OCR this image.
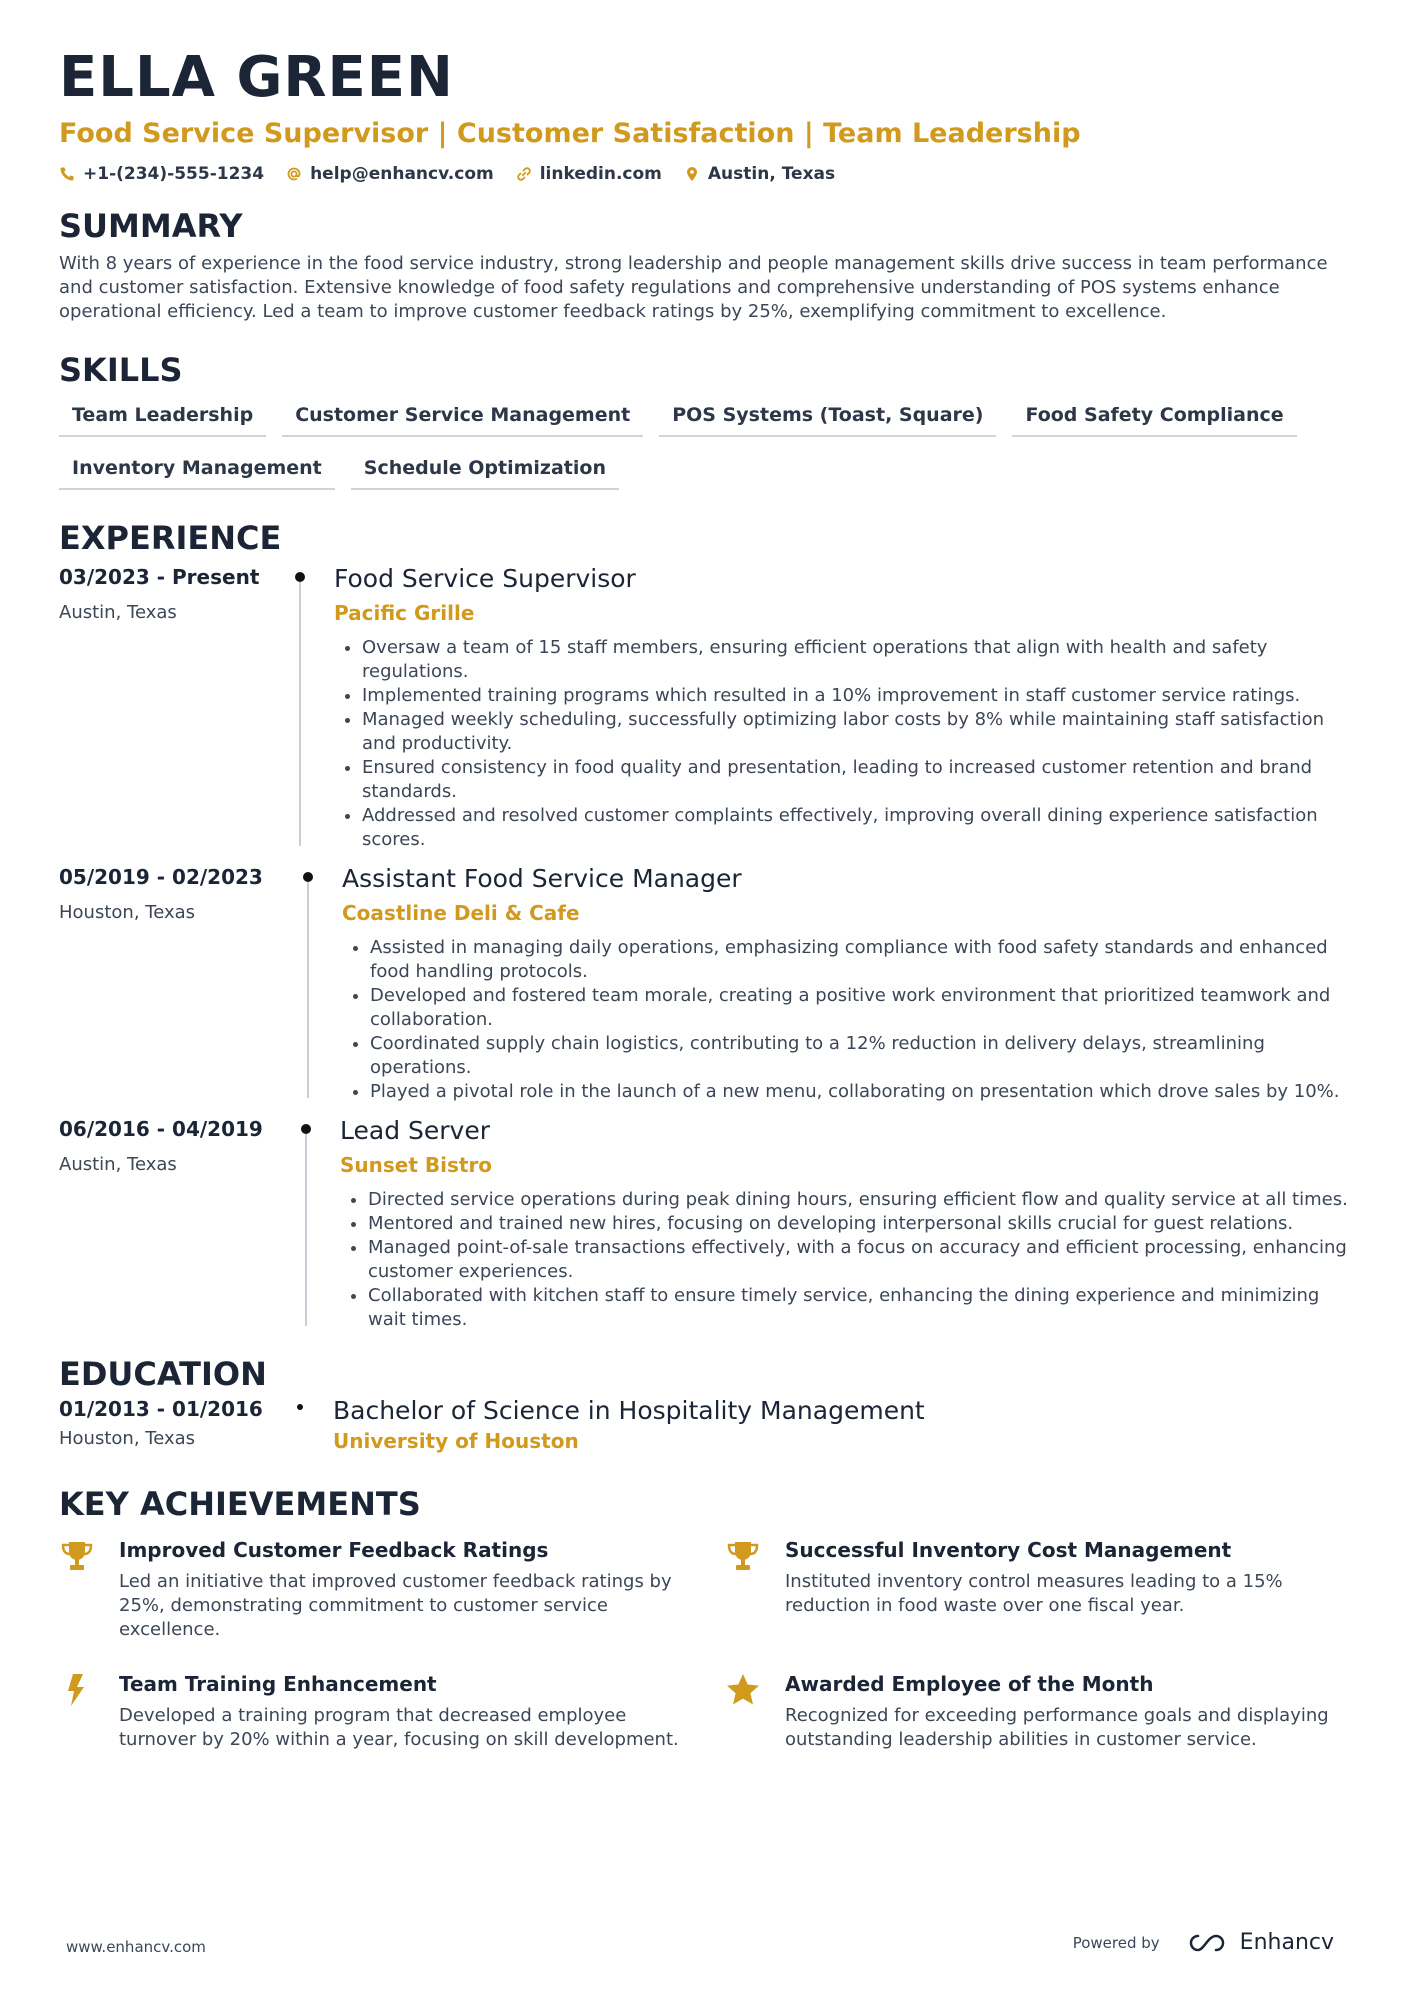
ELLA GREEN
Food Service Supervisor | Customer Satisfaction | Team Leadership
+1-(234)-555-1234	help@enhancv.com	linkedin.com	Austin, Texas
SUMMARY
With 8 years of experience in the food service industry, strong leadership and people management skills drive success in team performance and customer satisfaction. Extensive knowledge of food safety regulations and comprehensive understanding of POS systems enhance operational efficiency. Led a team to improve customer feedback ratings by 25%, exemplifying commitment to excellence.
SKILLS
Team Leadership	Customer Service Management	POS Systems (Toast, Square)	Food Safety Compliance
Inventory Management	Schedule Optimization
EXPERIENCE
03/2023 - Present
Austin, Texas
Food Service Supervisor
Pacific Grille
• Oversaw a team of 15 staff members, ensuring efficient operations that align with health and safety regulations.
• Implemented training programs which resulted in a 10% improvement in staff customer service ratings.
• Managed weekly scheduling, successfully optimizing labor costs by 8% while maintaining staff satisfaction and productivity.
• Ensured consistency in food quality and presentation, leading to increased customer retention and brand standards.
• Addressed and resolved customer complaints effectively, improving overall dining experience satisfaction scores.
05/2019 - 02/2023
Houston, Texas
Assistant Food Service Manager
Coastline Deli & Cafe
• Assisted in managing daily operations, emphasizing compliance with food safety standards and enhanced food handling protocols.
• Developed and fostered team morale, creating a positive work environment that prioritized teamwork and collaboration.
• Coordinated supply chain logistics, contributing to a 12% reduction in delivery delays, streamlining operations.
• Played a pivotal role in the launch of a new menu, collaborating on presentation which drove sales by 10%.
06/2016 - 04/2019
Austin, Texas
Lead Server
Sunset Bistro
• Directed service operations during peak dining hours, ensuring efficient flow and quality service at all times.
• Mentored and trained new hires, focusing on developing interpersonal skills crucial for guest relations.
• Managed point-of-sale transactions effectively, with a focus on accuracy and efficient processing, enhancing customer experiences.
• Collaborated with kitchen staff to ensure timely service, enhancing the dining experience and minimizing wait times.
EDUCATION
01/2013 - 01/2016
Houston, Texas
Bachelor of Science in Hospitality Management
University of Houston
KEY ACHIEVEMENTS
Improved Customer Feedback Ratings
Led an initiative that improved customer feedback ratings by 25%, demonstrating commitment to customer service excellence.
Successful Inventory Cost Management
Instituted inventory control measures leading to a 15% reduction in food waste over one fiscal year.
Team Training Enhancement
Developed a training program that decreased employee turnover by 20% within a year, focusing on skill development.
Awarded Employee of the Month
Recognized for exceeding performance goals and displaying outstanding leadership abilities in customer service.
www.enhancv.com	Powered by	Enhancv
